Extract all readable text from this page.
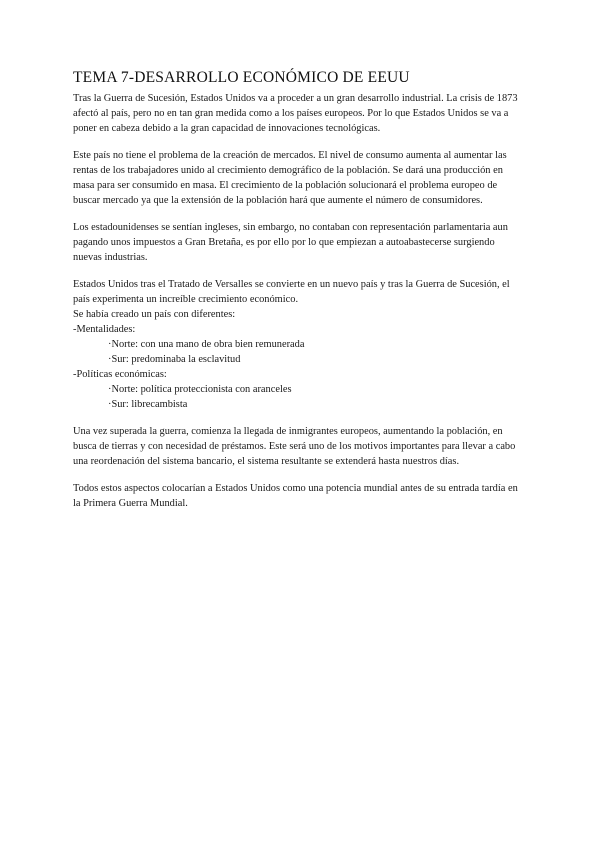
TEMA 7-DESARROLLO ECONÓMICO DE EEUU

Tras la Guerra de Sucesión, Estados Unidos va a proceder a un gran desarrollo industrial. La crisis de 1873 afectó al país, pero no en tan gran medida como a los países europeos. Por lo que Estados Unidos se va a poner en cabeza debido a la gran capacidad de innovaciones tecnológicas.

Este país no tiene el problema de la creación de mercados. El nivel de consumo aumenta al aumentar las rentas de los trabajadores unido al crecimiento demográfico de la población. Se dará una producción en masa para ser consumido en masa. El crecimiento de la población solucionará el problema europeo de buscar mercado ya que la extensión de la población hará que aumente el número de consumidores.

Los estadounidenses se sentían ingleses, sin embargo, no contaban con representación parlamentaria aun pagando unos impuestos a Gran Bretaña, es por ello por lo que empiezan a autoabastecerse surgiendo nuevas industrias.

Estados Unidos tras el Tratado de Versalles se convierte en un nuevo país y tras la Guerra de Sucesión, el país experimenta un increíble crecimiento económico.

Se había creado un país con diferentes:

-Mentalidades:

·Norte: con una mano de obra bien remunerada

·Sur: predominaba la esclavitud

-Políticas económicas:

·Norte: política proteccionista con aranceles

·Sur: librecambista

Una vez superada la guerra, comienza la llegada de inmigrantes europeos, aumentando la población, en busca de tierras y con necesidad de préstamos. Este será uno de los motivos importantes para llevar a cabo una reordenación del sistema bancario, el sistema resultante se extenderá hasta nuestros días.

Todos estos aspectos colocarían a Estados Unidos como una potencia mundial antes de su entrada tardía en la Primera Guerra Mundial.
